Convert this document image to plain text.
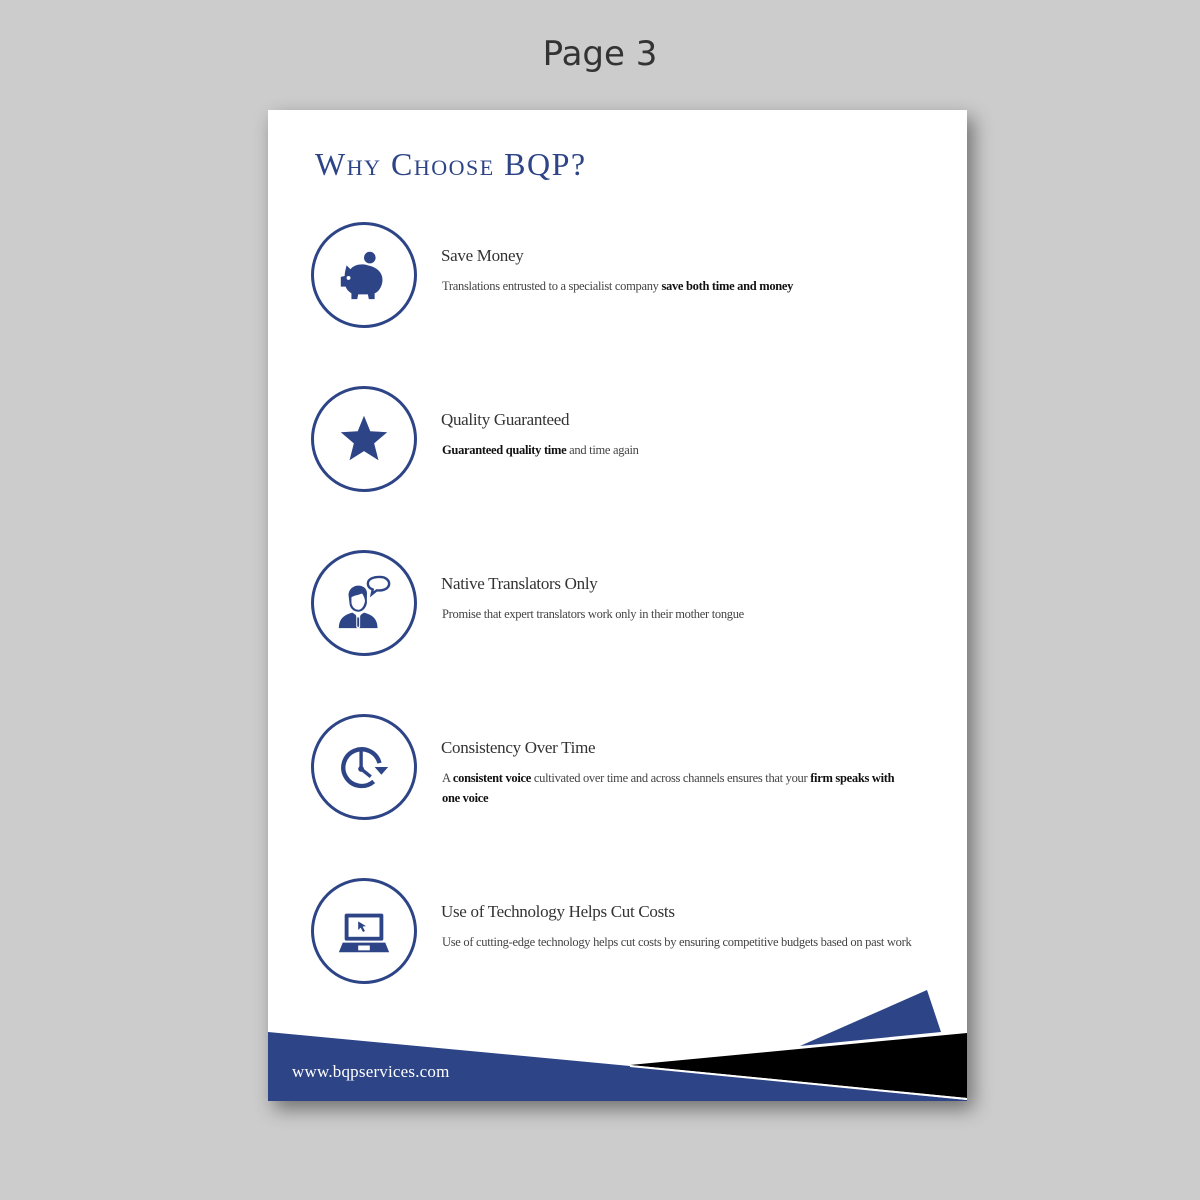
Page 3
Why Choose BQP?
Save Money

Translations entrusted to a specialist company save both time and money

Quality Guaranteed

Guaranteed quality time and time again

Native Translators Only

Promise that expert translators work only in their mother tongue

Consistency Over Time

A consistent voice cultivated over time and across channels ensures that your firm speaks with one voice

Use of Technology Helps Cut Costs

Use of cutting-edge technology helps cut costs by ensuring competitive budgets based on past work

www.bqpservices.com
